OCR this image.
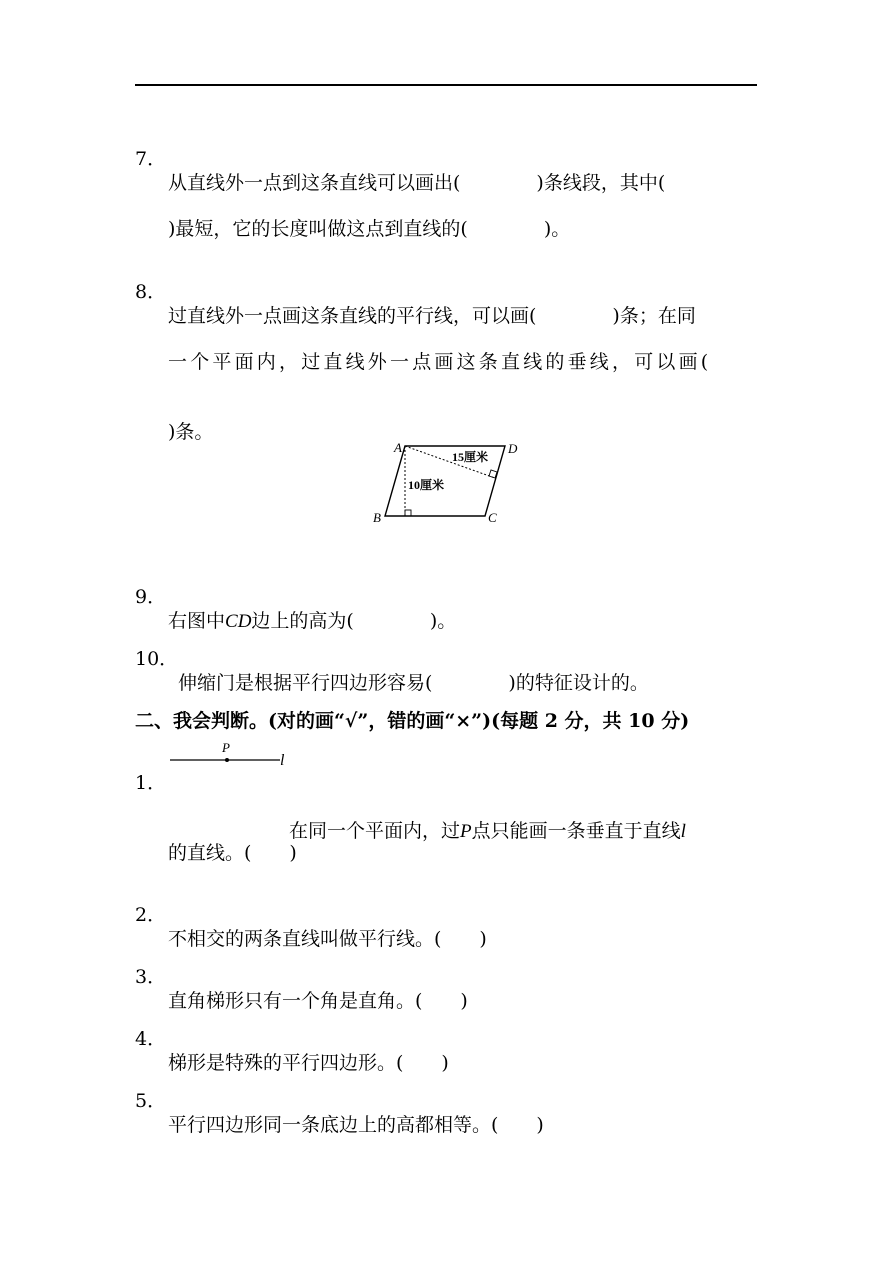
7．

从直线外一点到这条直线可以画出(　　　　)条线段，其中(

)最短，它的长度叫做这点到直线的(　　　　)。

8．

过直线外一点画这条直线的平行线，可以画(　　　　)条；在同

一个平面内，过直线外一点画这条直线的垂线，可以画(

)条。

A	D
B	C
15厘米
10厘米

9．

右图中CD边上的高为(　　　　)。

10．

伸缩门是根据平行四边形容易(　　　　)的特征设计的。

二、我会判断。(对的画“√”，错的画“×”)(每题 2 分，共 10 分)

1．

P
l

在同一个平面内，过P点只能画一条垂直于直线l

的直线。(　　)

2．

不相交的两条直线叫做平行线。(　　)

3．

直角梯形只有一个角是直角。(　　)

4．

梯形是特殊的平行四边形。(　　)

5．

平行四边形同一条底边上的高都相等。(　　)
